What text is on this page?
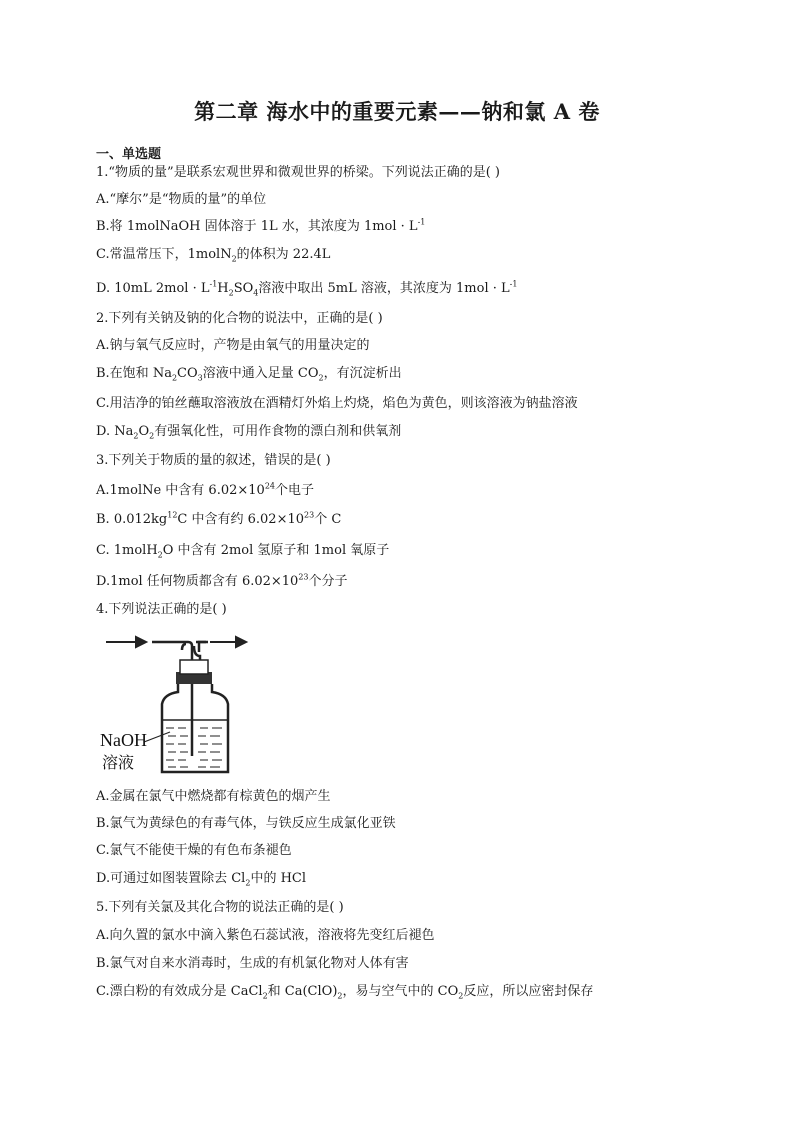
第二章 海水中的重要元素——钠和氯 A 卷
一、单选题
1.“物质的量”是联系宏观世界和微观世界的桥梁。下列说法正确的是( )
A.“摩尔”是“物质的量”的单位
B.将 1molNaOH 固体溶于 1L 水，其浓度为 $1mol \cdot L^{-1}$
C.常温常压下，1molN$_2$的体积为 22.4L
D. 10mL $2mol \cdot L^{-1}H_2SO_4$溶液中取出 5mL 溶液，其浓度为 $1mol \cdot L^{-1}$
2.下列有关钠及钠的化合物的说法中，正确的是( )
A.钠与氧气反应时，产物是由氧气的用量决定的
B.在饱和 $Na_2CO_3$溶液中通入足量 $CO_2$，有沉淀析出
C.用洁净的铂丝蘸取溶液放在酒精灯外焰上灼烧，焰色为黄色，则该溶液为钠盐溶液
D. $Na_2O_2$有强氧化性，可用作食物的漂白剂和供氧剂
3.下列关于物质的量的叙述，错误的是( )
A.1molNe 中含有 $6.02\times 10^{24}$个电子
B. $0.012kg^{12}C$ 中含有约 $6.02\times 10^{23}$个 C
C. 1molH$_2$O 中含有 2mol 氢原子和 1mol 氧原子
D.1mol 任何物质都含有 $6.02\times 10^{23}$个分子
4.下列说法正确的是( )
NaOH
溶液
A.金属在氯气中燃烧都有棕黄色的烟产生
B.氯气为黄绿色的有毒气体，与铁反应生成氯化亚铁
C.氯气不能使干燥的有色布条褪色
D.可通过如图装置除去 $Cl_2$中的 HCl
5.下列有关氯及其化合物的说法正确的是( )
A.向久置的氯水中滴入紫色石蕊试液，溶液将先变红后褪色
B.氯气对自来水消毒时，生成的有机氯化物对人体有害
C.漂白粉的有效成分是 CaCl$_2$和 $Ca(ClO)_2$，易与空气中的 $CO_2$反应，所以应密封保存
